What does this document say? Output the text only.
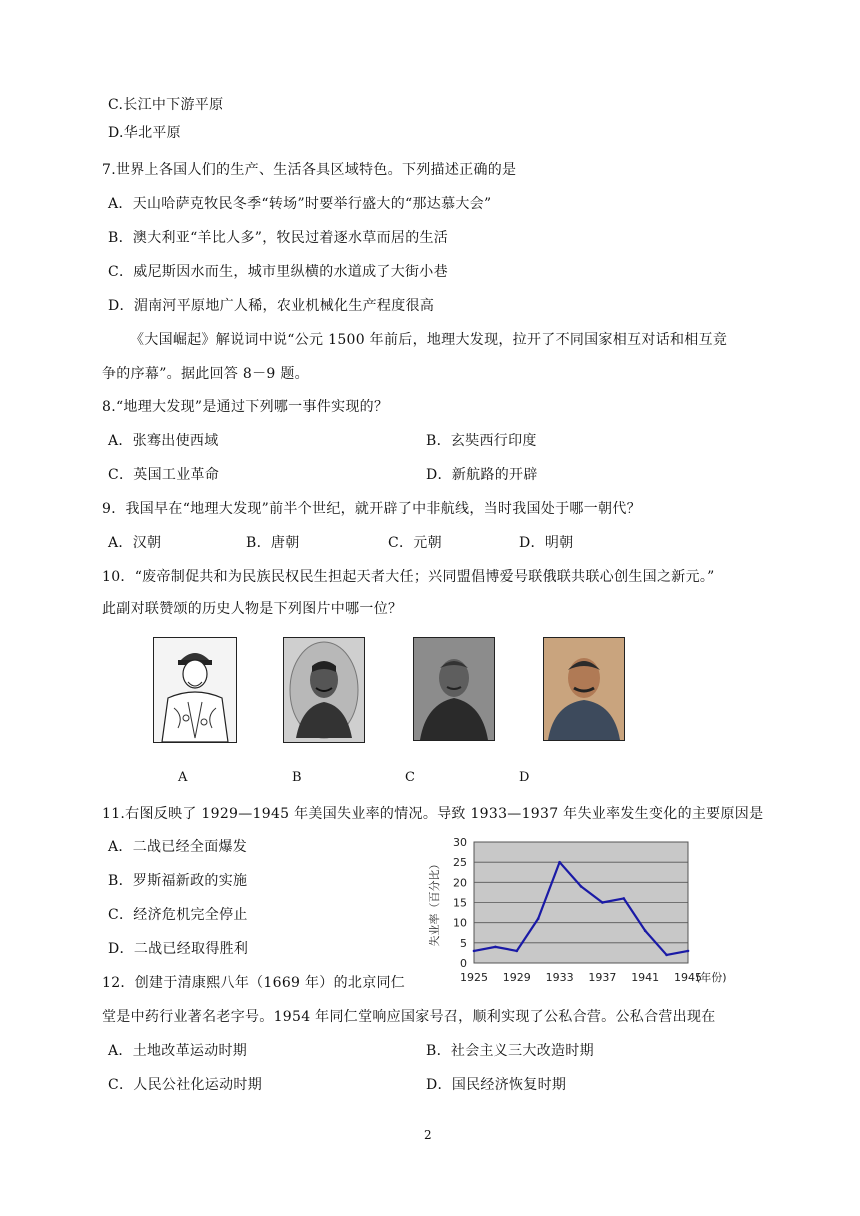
C.长江中下游平原
D.华北平原
7.世界上各国人们的生产、生活各具区域特色。下列描述正确的是
A．天山哈萨克牧民冬季“转场”时要举行盛大的“那达慕大会”
B．澳大利亚“羊比人多”，牧民过着逐水草而居的生活
C．威尼斯因水而生，城市里纵横的水道成了大街小巷
D．湄南河平原地广人稀，农业机械化生产程度很高
《大国崛起》解说词中说“公元 1500 年前后，地理大发现，拉开了不同国家相互对话和相互竞
争的序幕”。据此回答 8－9 题。
8.“地理大发现”是通过下列哪一事件实现的？
A．张骞出使西域	B．玄奘西行印度
C．英国工业革命	D．新航路的开辟
9．我国早在“地理大发现”前半个世纪，就开辟了中非航线，当时我国处于哪一朝代？
A．汉朝	B．唐朝	C．元朝	D．明朝
10．“废帝制促共和为民族民权民生担起天者大任；兴同盟倡博爱号联俄联共联心创生国之新元。”
此副对联赞颂的历史人物是下列图片中哪一位？
A	B	C	D
11.右图反映了 1929—1945 年美国失业率的情况。导致 1933—1937 年失业率发生变化的主要原因是
A．二战已经全面爆发
B．罗斯福新政的实施
C．经济危机完全停止
D．二战已经取得胜利
0
5
10
15
20
25
30
1925 1929 1933 1937 1941 1945
(年份)
失业率（百分比）
12．创建于清康熙八年（1669 年）的北京同仁
堂是中药行业著名老字号。1954 年同仁堂响应国家号召，顺利实现了公私合营。公私合营出现在
A．土地改革运动时期	B．社会主义三大改造时期
C．人民公社化运动时期	D．国民经济恢复时期
2
